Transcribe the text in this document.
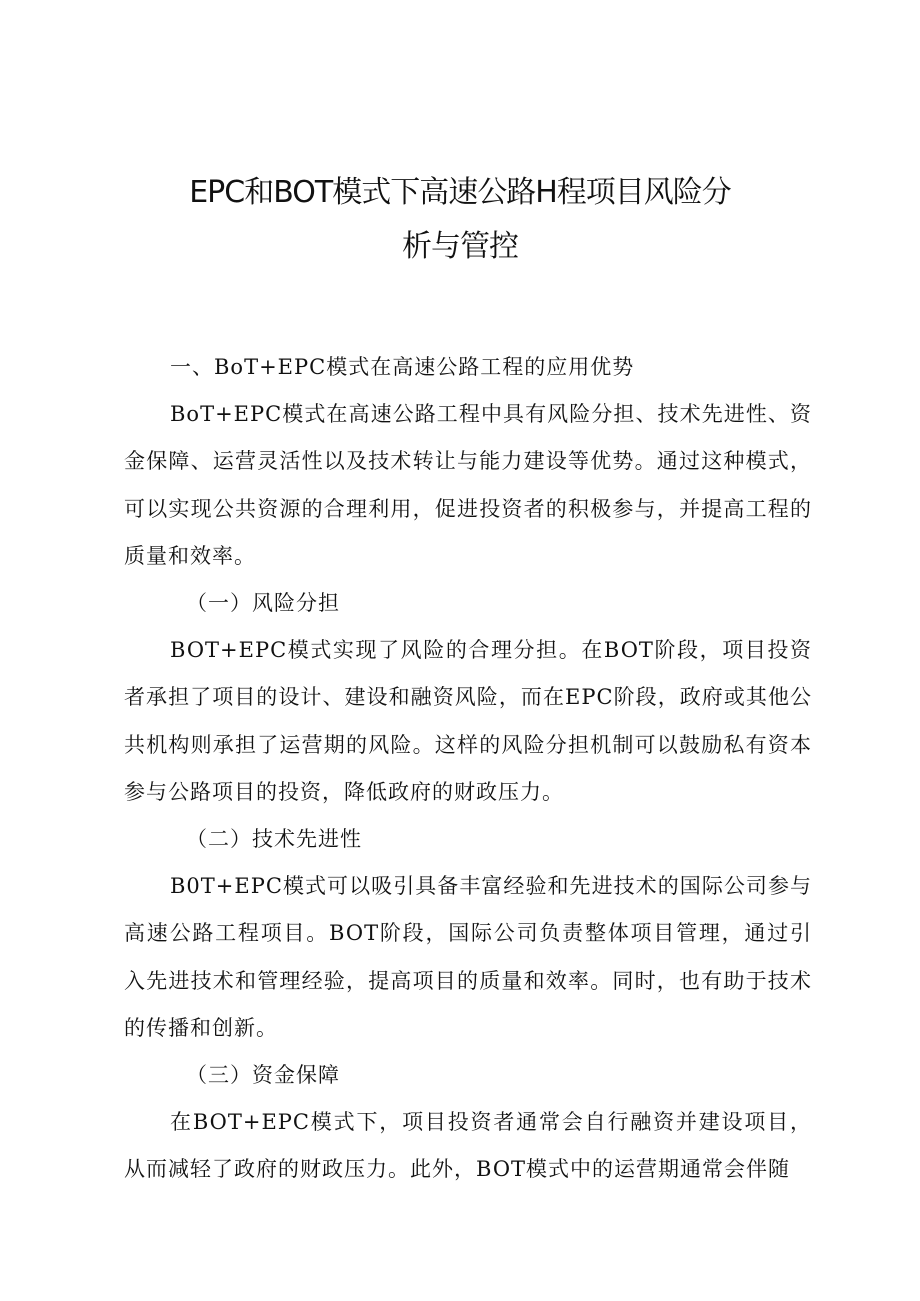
EPC和BOT模式下高速公路H程项目风险分
析与管控

一、BoT+EPC模式在高速公路工程的应用优势

BoT+EPC模式在高速公路工程中具有风险分担、技术先进性、资金保障、运营灵活性以及技术转让与能力建设等优势。通过这种模式，可以实现公共资源的合理利用，促进投资者的积极参与，并提高工程的质量和效率。

（一）风险分担

BOT+EPC模式实现了风险的合理分担。在BOT阶段，项目投资者承担了项目的设计、建设和融资风险，而在EPC阶段，政府或其他公共机构则承担了运营期的风险。这样的风险分担机制可以鼓励私有资本参与公路项目的投资，降低政府的财政压力。

（二）技术先进性

B0T+EPC模式可以吸引具备丰富经验和先进技术的国际公司参与高速公路工程项目。BOT阶段，国际公司负责整体项目管理，通过引入先进技术和管理经验，提高项目的质量和效率。同时，也有助于技术的传播和创新。

（三）资金保障

在BOT+EPC模式下，项目投资者通常会自行融资并建设项目，从而减轻了政府的财政压力。此外，BOT模式中的运营期通常会伴随
